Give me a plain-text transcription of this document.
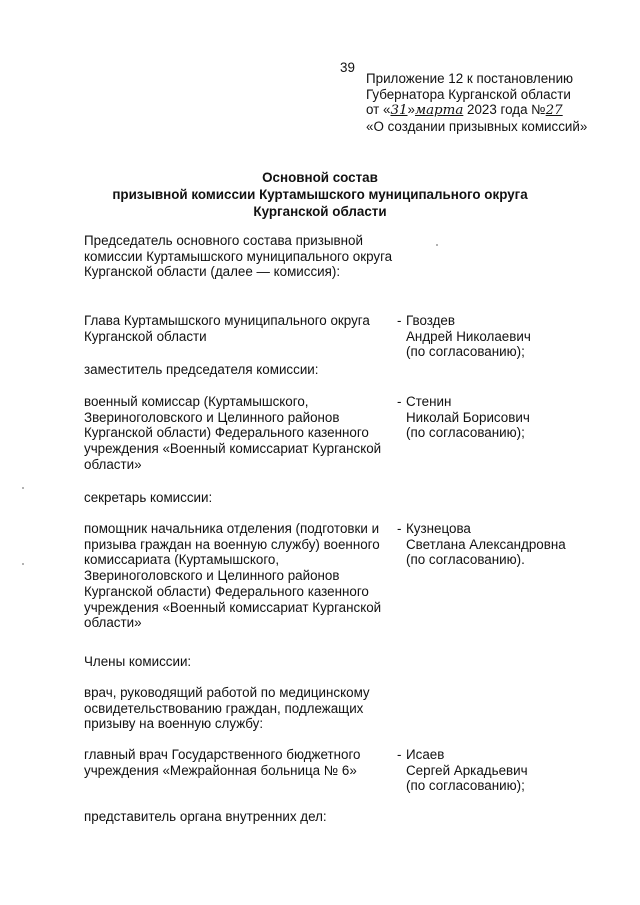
39
Приложение 12 к постановлению
Губернатора Курганской области
от «31»марта 2023 года №27
«О создании призывных комиссий»
Основной состав
призывной комиссии Куртамышского муниципального округа
Курганской области
Председатель основного состава призывной комиссии Куртамышского муниципального округа Курганской области (далее — комиссия):
Глава Куртамышского муниципального округа Курганской области
- Гвоздев
Андрей Николаевич
(по согласованию);
заместитель председателя комиссии:
военный комиссар (Куртамышского, Звериноголовского и Целинного районов Курганской области) Федерального казенного учреждения «Военный комиссариат Курганской области»
- Стенин
Николай Борисович
(по согласованию);
секретарь комиссии:
помощник начальника отделения (подготовки и призыва граждан на военную службу) военного комиссариата (Куртамышского, Звериноголовского и Целинного районов Курганской области) Федерального казенного учреждения «Военный комиссариат Курганской области»
- Кузнецова
Светлана Александровна
(по согласованию).
Члены комиссии:
врач, руководящий работой по медицинскому освидетельствованию граждан, подлежащих призыву на военную службу:
главный врач Государственного бюджетного учреждения «Межрайонная больница № 6»
- Исаев
Сергей Аркадьевич
(по согласованию);
представитель органа внутренних дел:
